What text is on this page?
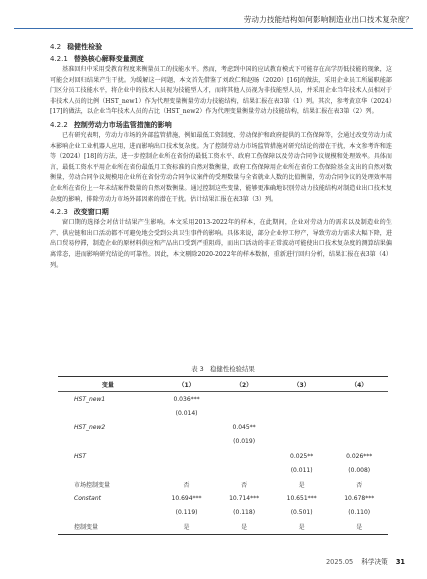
劳动力技能结构如何影响制造业出口技术复杂度？
4.2 稳健性检验
4.2.1 替换核心解释变量测度

基准回归中采用受教育程度来衡量员工的技能水平。然而，考虑到中国的应试教育模式下可能存在高学历低技能的现象，这可能会对回归结果产生干扰。为缓解这一问题，本文首先借鉴了刘政仁和赵旸（2020）[16]的做法，采用企业员工所属职能部门区分员工技能水平，将企业中的技术人员视为技能型人才，而将其他人员视为非技能型人员，并采用企业当年技术人员相对于非技术人员的比例（HST_new1）作为代理变量衡量劳动力技能结构，结果汇报在表3第（1）列。其次，参考黄京华（2024）[17]的做法，以企业当年技术人员的占比（HST_new2）作为代理变量衡量劳动力技能结构，结果汇报在表3第（2）列。

4.2.2 控制劳动力市场监管措施的影响

已有研究表明，劳动力市场的外部监管措施，例如最低工资制度、劳动保护和政府提供的工伤保障等，会通过改变劳动力成本影响企业工业机器人应用，进而影响出口技术复杂度。为了控制劳动力市场监管措施对研究结论的潜在干扰，本文参考许和连等（2024）[18]的方法，进一步控制企业所在省份的最低工资水平、政府工伤保障以及劳动合同争议规模和处理效率。具体而言，最低工资水平用企业所在省份最低月工资标准的自然对数衡量，政府工伤保障用企业所在省份工伤保险基金支出的自然对数衡量，劳动合同争议规模用企业所在省份劳动合同争议案件的受理数量与全省就业人数的比值衡量，劳动合同争议的处理效率用企业所在省份上一年未结案件数量的自然对数衡量。通过控制这些变量，能够更准确地识别劳动力技能结构对制造业出口技术复杂度的影响，排除劳动力市场外部因素的潜在干扰。估计结果汇报在表3第（3）列。

4.2.3 改变窗口期

窗口期的选择会对估计结果产生影响。本文采用2013-2022年的样本，在此期间，企业对劳动力的需求以及制造业的生产、供应链和出口活动都不可避免地会受到公共卫生事件的影响。具体来说，部分企业停工停产，导致劳动力需求大幅下降，进出口贸易停滞，制造企业的原材料供应和产品出口受到严重阻碍，而出口活动的非正常波动可能使出口技术复杂度的测算结果偏离常态，进而影响研究结论的可靠性。因此，本文剔除2020-2022年的样本数据，重新进行回归分析，结果汇报在表3第（4）列。

表 3　稳健性检验结果
变量	（1）	（2）	（3）	（4）
HST_new1	0.036***			
	(0.014)			
HST_new2		0.045**		
		(0.019)		
HST			0.025**	0.026***
			(0.011)	(0.008)
市场控制变量	否	否	是	否
Constant	10.694***	10.714***	10.651***	10.678***
	(0.119)	(0.118)	(0.501)	(0.110)
控制变量	是	是	是	是
2025.05 科学决策 31
